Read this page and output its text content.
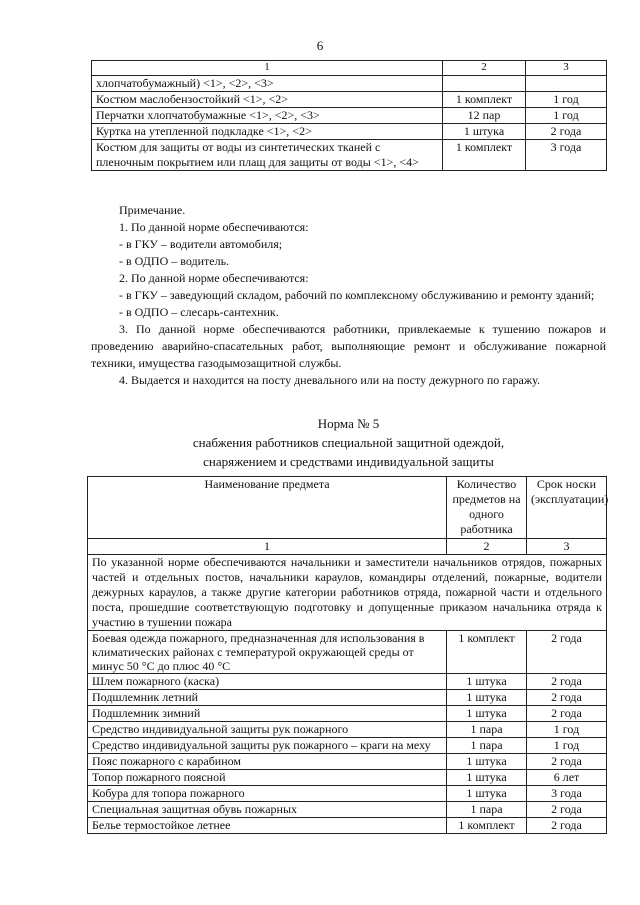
6
1	2	3
хлопчатобумажный) <1>, <2>, <3>		
Костюм маслобензостойкий <1>, <2>	1 комплект	1 год
Перчатки хлопчатобумажные <1>, <2>, <3>	12 пар	1 год
Куртка на утепленной подкладке <1>, <2>	1 штука	2 года
Костюм для защиты от воды из синтетических тканей с пленочным покрытием или плащ для защиты от воды <1>, <4>	1 комплект	3 года

Примечание.

1. По данной норме обеспечиваются:

- в ГКУ – водители автомобиля;

- в ОДПО – водитель.

2. По данной норме обеспечиваются:

- в ГКУ – заведующий складом, рабочий по комплексному обслуживанию и ремонту зданий;

- в ОДПО – слесарь-сантехник.

3. По данной норме обеспечиваются работники, привлекаемые к тушению пожаров и проведению аварийно-спасательных работ, выполняющие ремонт и обслуживание пожарной техники, имущества газодымозащитной службы.

4. Выдается и находится на посту дневального или на посту дежурного по гаражу.

Норма № 5
снабжения работников специальной защитной одеждой,
снаряжением и средствами индивидуальной защиты
Наименование предмета	Количество предметов на одного работника	Срок носки (эксплуатации)
1	2	3
По указанной норме обеспечиваются начальники и заместители начальников отрядов, пожарных частей и отдельных постов, начальники караулов, командиры отделений, пожарные, водители дежурных караулов, а также другие категории работников отряда, пожарной части и отдельного поста, прошедшие соответствующую подготовку и допущенные приказом начальника отряда к участию в тушении пожара		
Боевая одежда пожарного, предназначенная для использования в климатических районах с температурой окружающей среды от минус 50 °С до плюс 40 °С	1 комплект	2 года
Шлем пожарного (каска)	1 штука	2 года
Подшлемник летний	1 штука	2 года
Подшлемник зимний	1 штука	2 года
Средство индивидуальной защиты рук пожарного	1 пара	1 год
Средство индивидуальной защиты рук пожарного – краги на меху	1 пара	1 год
Пояс пожарного с карабином	1 штука	2 года
Топор пожарного поясной	1 штука	6 лет
Кобура для топора пожарного	1 штука	3 года
Специальная защитная обувь пожарных	1 пара	2 года
Белье термостойкое летнее	1 комплект	2 года
